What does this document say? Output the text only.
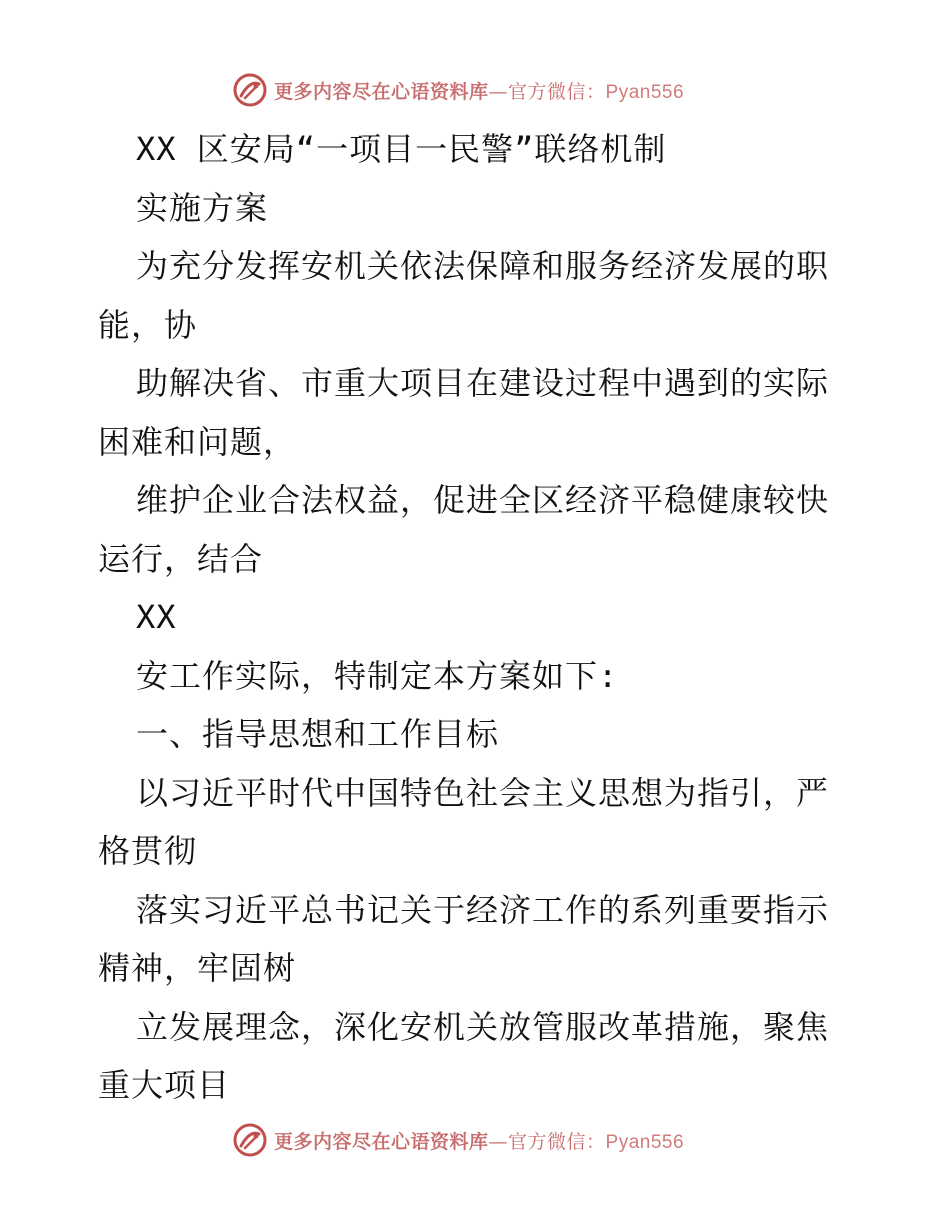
更多内容尽在心语资料库—官方微信：Pyan556
XX 区安局“一项目一民警”联络机制
实施方案
为充分发挥安机关依法保障和服务经济发展的职
能，协
助解决省、市重大项目在建设过程中遇到的实际
困难和问题，
维护企业合法权益，促进全区经济平稳健康较快
运行，结合
XX
安工作实际，特制定本方案如下:
一、指导思想和工作目标
以习近平时代中国特色社会主义思想为指引，严
格贯彻
落实习近平总书记关于经济工作的系列重要指示
精神，牢固树
立发展理念，深化安机关放管服改革措施，聚焦
重大项目
更多内容尽在心语资料库—官方微信：Pyan556
